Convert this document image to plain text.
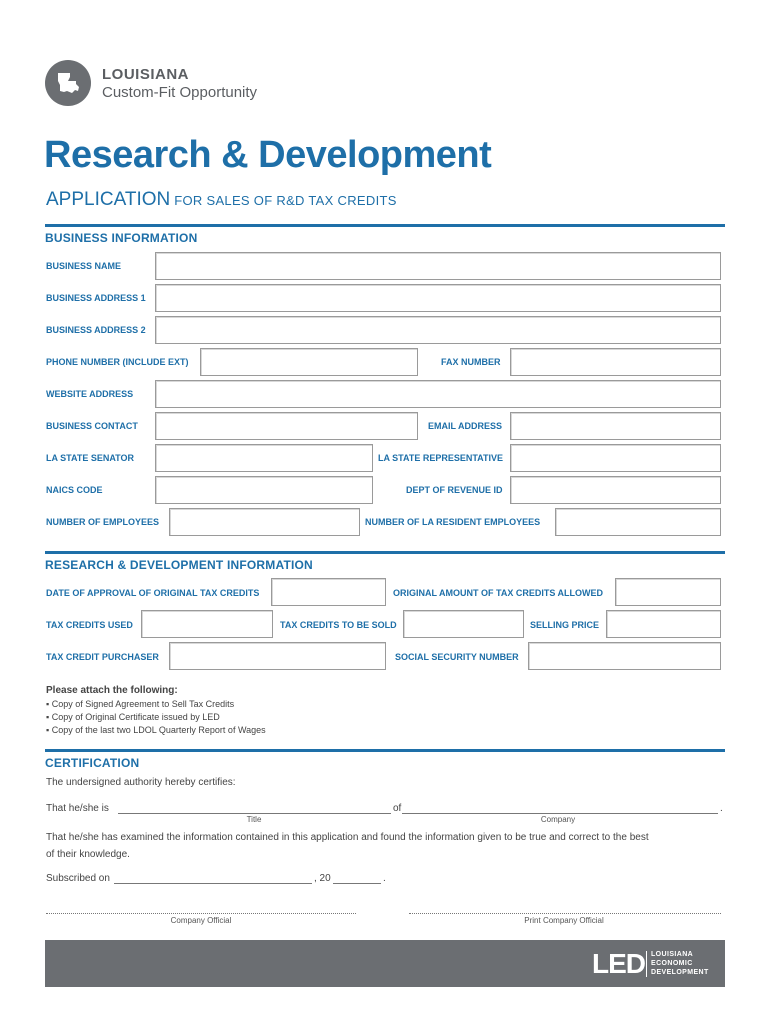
LOUISIANA
Custom-Fit Opportunity
Research & Development
APPLICATION FOR SALES OF R&D TAX CREDITS
BUSINESS INFORMATION
BUSINESS NAME
BUSINESS ADDRESS 1
BUSINESS ADDRESS 2
PHONE NUMBER (INCLUDE EXT)	FAX NUMBER
WEBSITE ADDRESS
BUSINESS CONTACT	EMAIL ADDRESS
LA STATE SENATOR	LA STATE REPRESENTATIVE
NAICS CODE	DEPT OF REVENUE ID
NUMBER OF EMPLOYEES	NUMBER OF LA RESIDENT EMPLOYEES
RESEARCH & DEVELOPMENT INFORMATION
DATE OF APPROVAL OF ORIGINAL TAX CREDITS	ORIGINAL AMOUNT OF TAX CREDITS ALLOWED
TAX CREDITS USED	TAX CREDITS TO BE SOLD	SELLING PRICE
TAX CREDIT PURCHASER	SOCIAL SECURITY NUMBER
Please attach the following:
▪ Copy of Signed Agreement to Sell Tax Credits
▪ Copy of Original Certificate issued by LED
▪ Copy of the last two LDOL Quarterly Report of Wages
CERTIFICATION
The undersigned authority hereby certifies:
That he/she is	of	.
Title	Company
That he/she has examined the information contained in this application and found the information given to be true and correct to the best
of their knowledge.
Subscribed on	, 20	.
Company Official	Print Company Official
LED LOUISIANA
ECONOMIC
DEVELOPMENT
